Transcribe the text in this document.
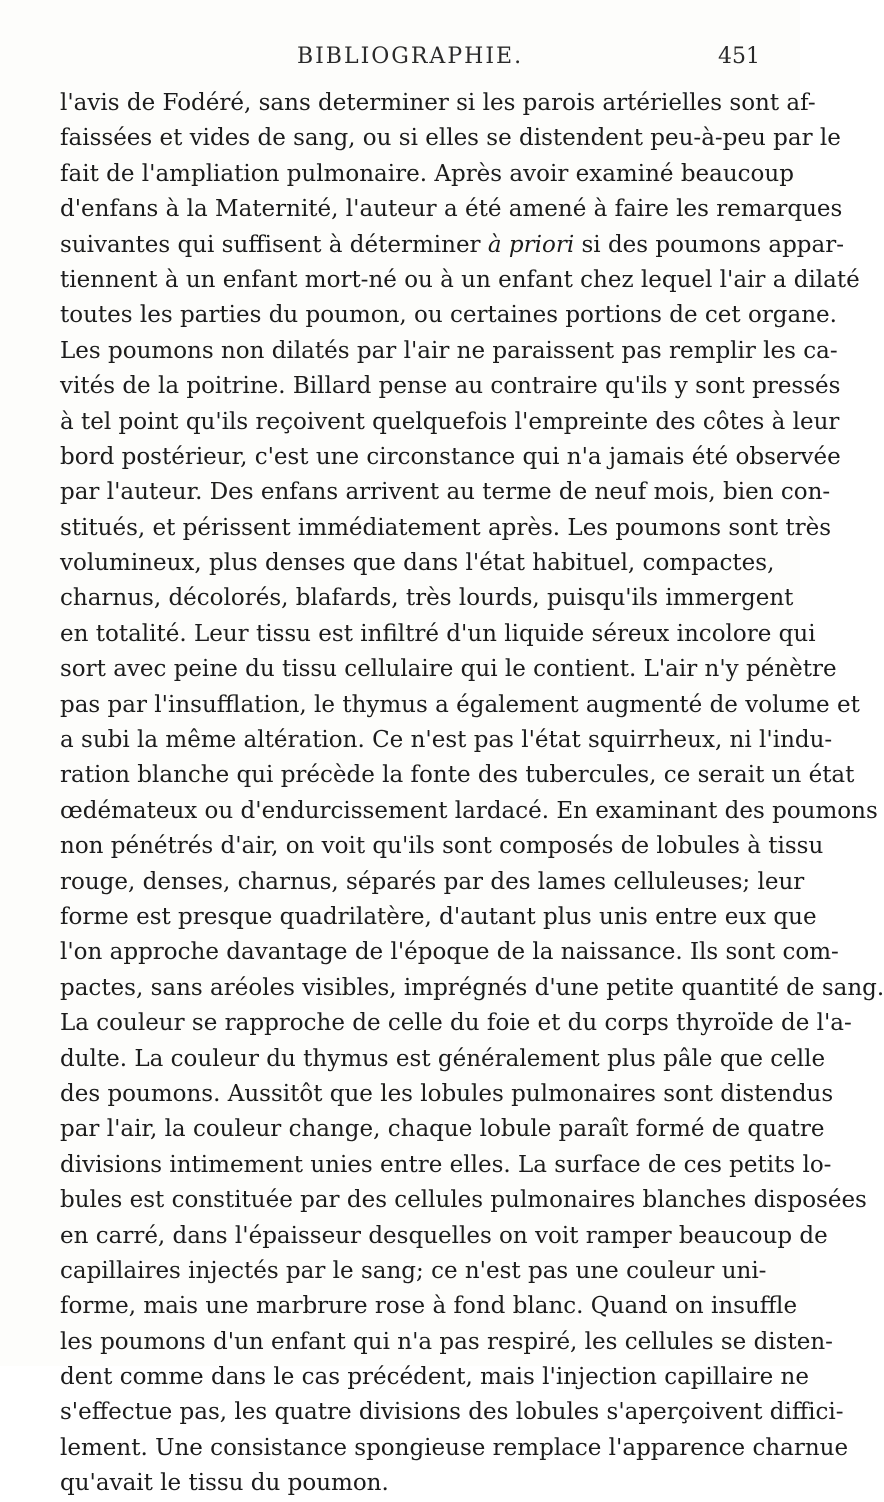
BIBLIOGRAPHIE.	451
l'avis de Fodéré, sans determiner si les parois artérielles sont af-
faissées et vides de sang, ou si elles se distendent peu-à-peu par le
fait de l'ampliation pulmonaire. Après avoir examiné beaucoup
d'enfans à la Maternité, l'auteur a été amené à faire les remarques
suivantes qui suffisent à déterminer à priori si des poumons appar-
tiennent à un enfant mort-né ou à un enfant chez lequel l'air a dilaté
toutes les parties du poumon, ou certaines portions de cet organe.
Les poumons non dilatés par l'air ne paraissent pas remplir les ca-
vités de la poitrine. Billard pense au contraire qu'ils y sont pressés
à tel point qu'ils reçoivent quelquefois l'empreinte des côtes à leur
bord postérieur, c'est une circonstance qui n'a jamais été observée
par l'auteur. Des enfans arrivent au terme de neuf mois, bien con-
stitués, et périssent immédiatement après. Les poumons sont très
volumineux, plus denses que dans l'état habituel, compactes,
charnus, décolorés, blafards, très lourds, puisqu'ils immergent
en totalité. Leur tissu est infiltré d'un liquide séreux incolore qui
sort avec peine du tissu cellulaire qui le contient. L'air n'y pénètre
pas par l'insufflation, le thymus a également augmenté de volume et
a subi la même altération. Ce n'est pas l'état squirrheux, ni l'indu-
ration blanche qui précède la fonte des tubercules, ce serait un état
œdémateux ou d'endurcissement lardacé. En examinant des poumons
non pénétrés d'air, on voit qu'ils sont composés de lobules à tissu
rouge, denses, charnus, séparés par des lames celluleuses; leur
forme est presque quadrilatère, d'autant plus unis entre eux que
l'on approche davantage de l'époque de la naissance. Ils sont com-
pactes, sans aréoles visibles, imprégnés d'une petite quantité de sang.
La couleur se rapproche de celle du foie et du corps thyroïde de l'a-
dulte. La couleur du thymus est généralement plus pâle que celle
des poumons. Aussitôt que les lobules pulmonaires sont distendus
par l'air, la couleur change, chaque lobule paraît formé de quatre
divisions intimement unies entre elles. La surface de ces petits lo-
bules est constituée par des cellules pulmonaires blanches disposées
en carré, dans l'épaisseur desquelles on voit ramper beaucoup de
capillaires injectés par le sang; ce n'est pas une couleur uni-
forme, mais une marbrure rose à fond blanc. Quand on insuffle
les poumons d'un enfant qui n'a pas respiré, les cellules se disten-
dent comme dans le cas précédent, mais l'injection capillaire ne
s'effectue pas, les quatre divisions des lobules s'aperçoivent diffici-
lement. Une consistance spongieuse remplace l'apparence charnue
qu'avait le tissu du poumon.
